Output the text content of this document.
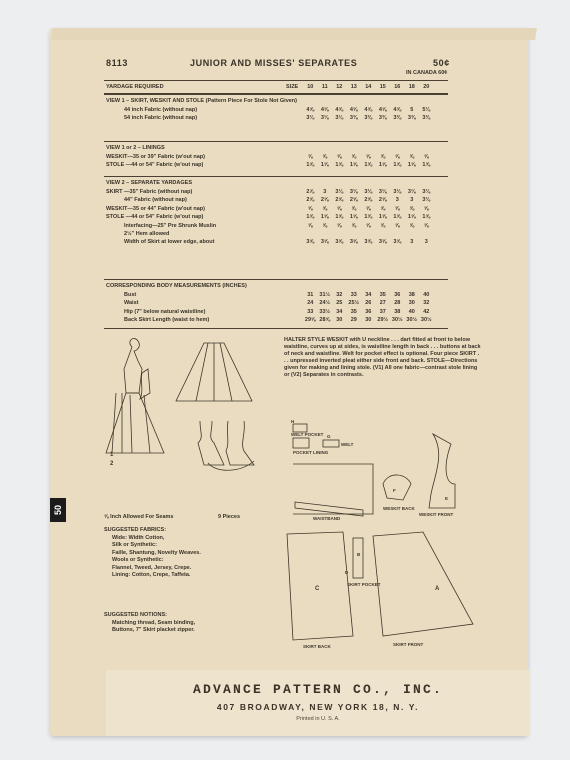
ADVANCE PATTERN CO., INC.
407 BROADWAY, NEW YORK 18, N. Y.
Printed in U. S. A.
8113	JUNIOR AND MISSES' SEPARATES	50¢
IN CANADA 60¢
YARDAGE REQUIRED	SIZE	10 11 12 13 14 15 16 18 20
VIEW 1 – SKIRT, WESKIT AND STOLE (Pattern Piece For Stole Not Given)
44 inch Fabric (without nap)	4⅝ 4⅝ 4⅝ 4⅝ 4⅝ 4⅝ 4⅝ 5 5⅛
54 inch Fabric (without nap)	3⅛ 3⅛ 3⅛ 3⅜ 3⅜ 3⅜ 3⅜ 3⅜ 3⅜
VIEW 1 or 2 – LININGS
WESKIT—35 or 39" Fabric (w'out nap)	⅝ ⅝ ⅝ ⅝ ⅝ ⅝ ⅝ ⅝ ⅝
STOLE —44 or 54" Fabric (w'out nap)	1⅝ 1⅝ 1⅝ 1⅝ 1⅝ 1⅝ 1⅝ 1⅝ 1⅝
VIEW 2 – SEPARATE YARDAGES
SKIRT —35" Fabric (without nap)	2⅞ 3 3⅛ 3⅛ 3⅛ 3⅛ 3⅛ 3⅛ 3⅛
44" Fabric (without nap)	2⅝ 2⅝ 2⅝ 2⅝ 2⅝ 2⅝ 3 3 3⅛
WESKIT—35 or 44" Fabric (w'out nap)	⅝ ⅝ ⅝ ⅝ ⅝ ⅝ ⅝ ⅝ ⅝
STOLE —44 or 54" Fabric (w'out nap)	1⅝ 1⅝ 1⅝ 1⅝ 1⅝ 1⅝ 1⅝ 1⅝ 1⅝
Interfacing—25" Pre Shrunk Muslin	⅝ ⅝ ⅝ ⅝ ⅝ ⅝ ⅝ ⅝ ⅝
2½" Hem allowed
Width of Skirt at lower edge, about	3⅝ 3⅝ 3⅝ 3⅝ 3⅝ 3⅝ 3⅝ 3 3
CORRESPONDING BODY MEASUREMENTS (INCHES)
Bust	31 31½ 32 33 34 35 36 38 40
Waist	24 24½ 25 25½ 26 27 28 30 32
Hip (7" below natural waistline)	33 33½ 34 35 36 37 38 40 42
Back Skirt Length (waist to hem)	29⅝ 28⅝ 30 29 30 29½ 30½ 30½ 30½
50
1
2
⅝ Inch Allowed For Seams	9 Pieces
HALTER STYLE WESKIT with U neckline . . . dart fitted at front to below waistline, curves up at sides, is waistline length in back . . . buttons at back of neck and waistline. Welt for pocket effect is optional. Four piece SKIRT . . . unpressed inverted pleat either side front and back. STOLE—Directions given for making and lining stole. (V1) All one fabric—contrast stole lining or (V2) Separates in contrasts.
SUGGESTED FABRICS:
Wide: Width Cotton,
Silk or Synthetic:
Faille, Shantung, Novelty Weaves.
Wools or Synthetic:
Flannel, Tweed, Jersey, Crepe.
Lining: Cotton, Crepe, Taffeta.
SUGGESTED NOTIONS:
Matching thread, Seam binding,
Buttons, 7" Skirt placket zipper.
H
WELT POCKET
POCKET LINING
G
WELT
WAISTBAND
F
WESKIT BACK
E
WESKIT FRONT
B
SKIRT POCKET
D
C	A
SKIRT BACK	SKIRT FRONT
